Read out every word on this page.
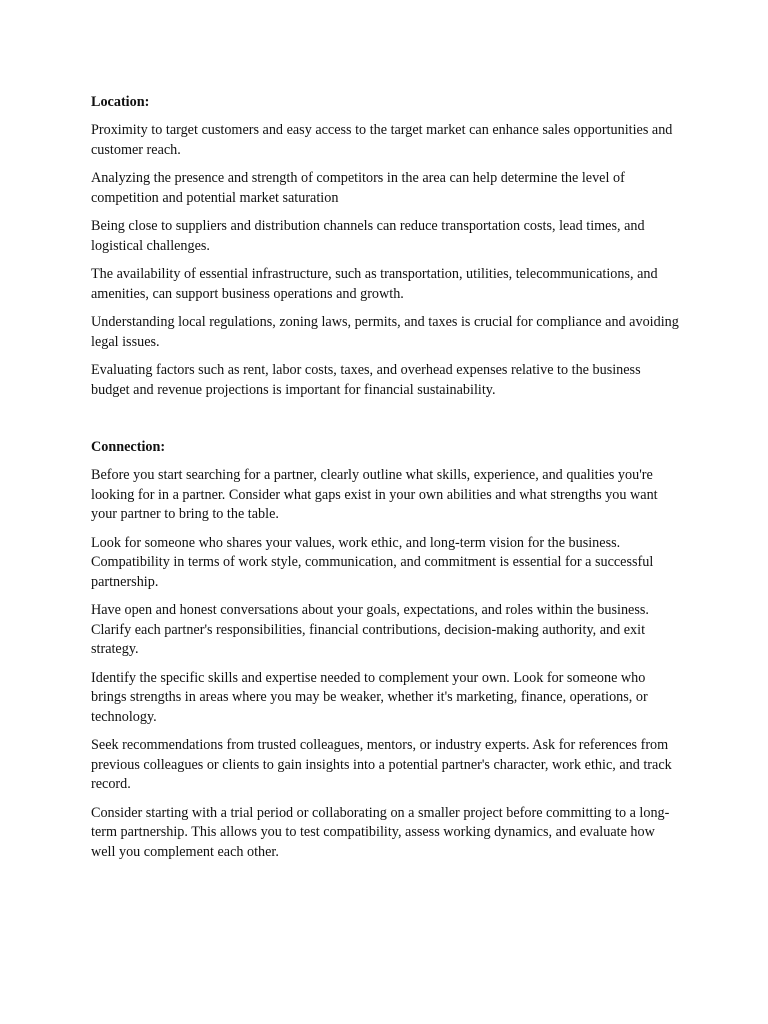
Location:

Proximity to target customers and easy access to the target market can enhance sales opportunities and customer reach.

Analyzing the presence and strength of competitors in the area can help determine the level of competition and potential market saturation

Being close to suppliers and distribution channels can reduce transportation costs, lead times, and logistical challenges.

The availability of essential infrastructure, such as transportation, utilities, telecommunications, and amenities, can support business operations and growth.

Understanding local regulations, zoning laws, permits, and taxes is crucial for compliance and avoiding legal issues.

Evaluating factors such as rent, labor costs, taxes, and overhead expenses relative to the business budget and revenue projections is important for financial sustainability.

Connection:

Before you start searching for a partner, clearly outline what skills, experience, and qualities you're looking for in a partner. Consider what gaps exist in your own abilities and what strengths you want your partner to bring to the table.

Look for someone who shares your values, work ethic, and long-term vision for the business. Compatibility in terms of work style, communication, and commitment is essential for a successful partnership.

Have open and honest conversations about your goals, expectations, and roles within the business. Clarify each partner's responsibilities, financial contributions, decision-making authority, and exit strategy.

Identify the specific skills and expertise needed to complement your own. Look for someone who brings strengths in areas where you may be weaker, whether it's marketing, finance, operations, or technology.

Seek recommendations from trusted colleagues, mentors, or industry experts. Ask for references from previous colleagues or clients to gain insights into a potential partner's character, work ethic, and track record.

Consider starting with a trial period or collaborating on a smaller project before committing to a long-term partnership. This allows you to test compatibility, assess working dynamics, and evaluate how well you complement each other.
